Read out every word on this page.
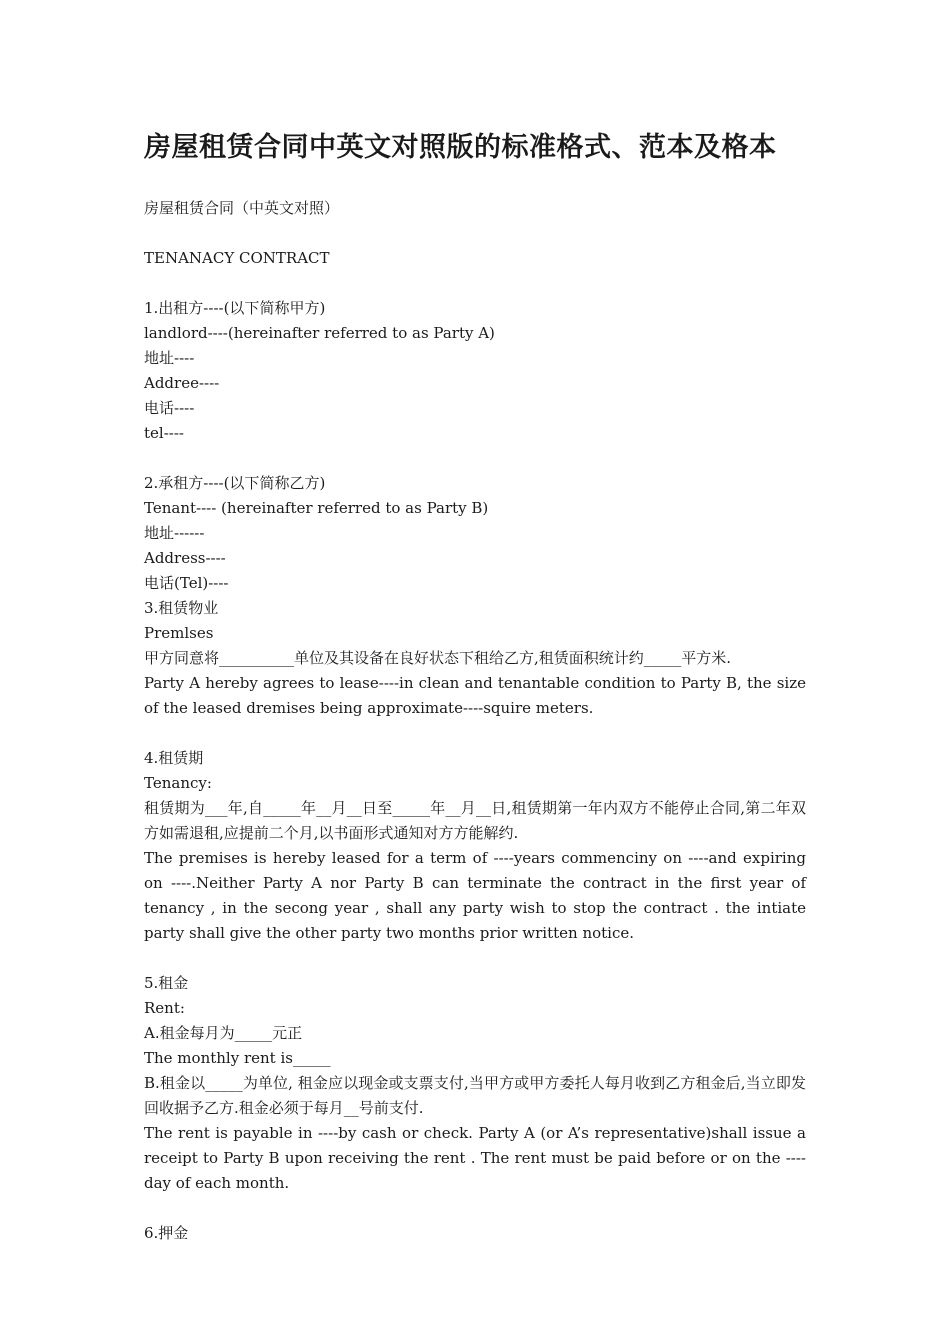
房屋租赁合同中英文对照版的标准格式、范本及格本

房屋租赁合同（中英文对照）

TENANACY CONTRACT

1.出租方----(以下简称甲方)

landlord----(hereinafter referred to as Party A)

地址----

Addree----

电话----

tel----

2.承租方----(以下简称乙方)

Tenant---- (hereinafter referred to as Party B)

地址------

Address----

电话(Tel)----

3.租赁物业

Premlses

甲方同意将__________单位及其设备在良好状态下租给乙方,租赁面积统计约_____平方米.

Party A hereby agrees to lease----in clean and tenantable condition to Party B, the size of the leased dremises being approximate----squire meters.

4.租赁期

Tenancy:

租赁期为___年,自_____年__月__日至_____年__月__日,租赁期第一年内双方不能停止合同,第二年双方如需退租,应提前二个月,以书面形式通知对方方能解约.

The premises is hereby leased for a term of ----years commenciny on ----and expiring on ----.Neither Party A nor Party B can terminate the contract in the first year of tenancy , in the secong year , shall any party wish to stop the contract . the intiate party shall give the other party two months prior written notice.

5.租金

Rent:

A.租金每月为_____元正

The monthly rent is_____

B.租金以_____为单位, 租金应以现金或支票支付,当甲方或甲方委托人每月收到乙方租金后,当立即发回收据予乙方.租金必须于每月__号前支付.

The rent is payable in ----by cash or check. Party A (or A’s representative)shall issue a receipt to Party B upon receiving the rent . The rent must be paid before or on the ----day of each month.

6.押金
